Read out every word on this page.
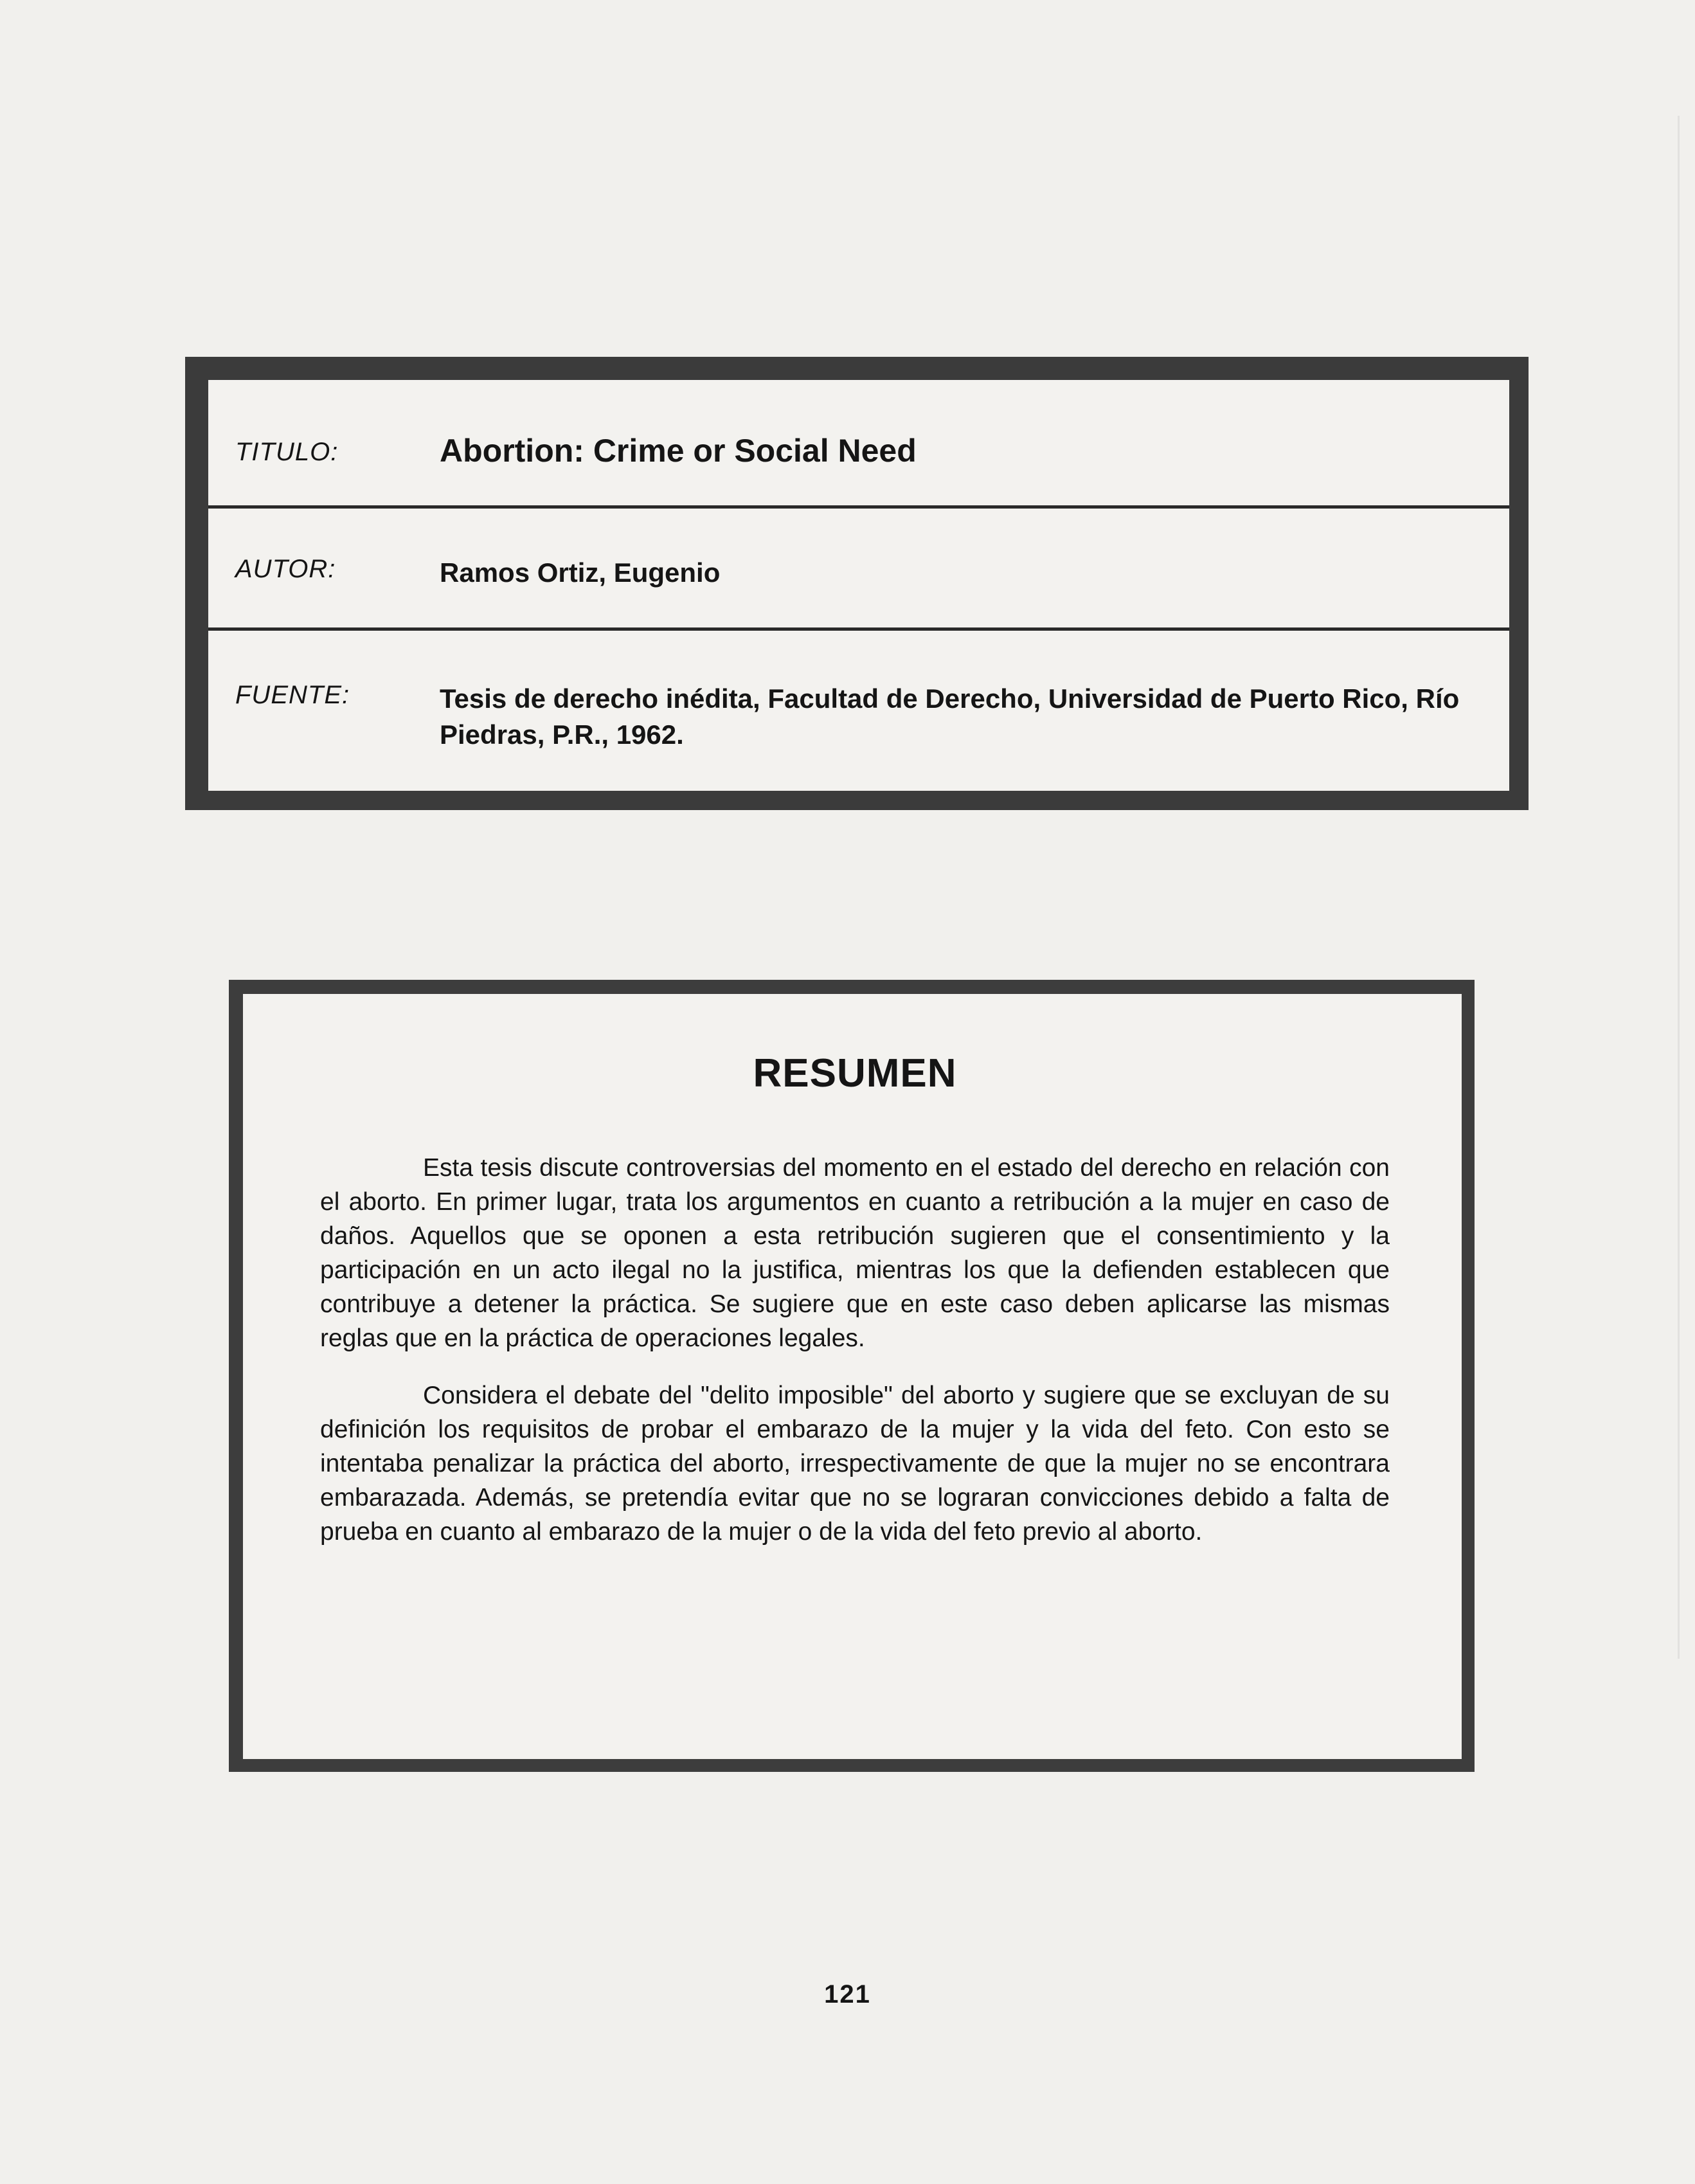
TITULO:	Abortion: Crime or Social Need
AUTOR:	Ramos Ortiz, Eugenio
FUENTE:	Tesis de derecho inédita, Facultad de Derecho, Universidad de Puerto Rico, Río Piedras, P.R., 1962.
RESUMEN

Esta tesis discute controversias del momento en el estado del derecho en relación con el aborto. En primer lugar, trata los argumentos en cuanto a retribución a la mujer en caso de daños. Aquellos que se oponen a esta retribución sugieren que el consentimiento y la participación en un acto ilegal no la justifica, mientras los que la defienden establecen que contribuye a detener la práctica. Se sugiere que en este caso deben aplicarse las mismas reglas que en la práctica de operaciones legales.

Considera el debate del "delito imposible" del aborto y sugiere que se excluyan de su definición los requisitos de probar el embarazo de la mujer y la vida del feto. Con esto se intentaba penalizar la práctica del aborto, irrespectivamente de que la mujer no se encontrara embarazada. Además, se pretendía evitar que no se lograran convicciones debido a falta de prueba en cuanto al embarazo de la mujer o de la vida del feto previo al aborto.

121
